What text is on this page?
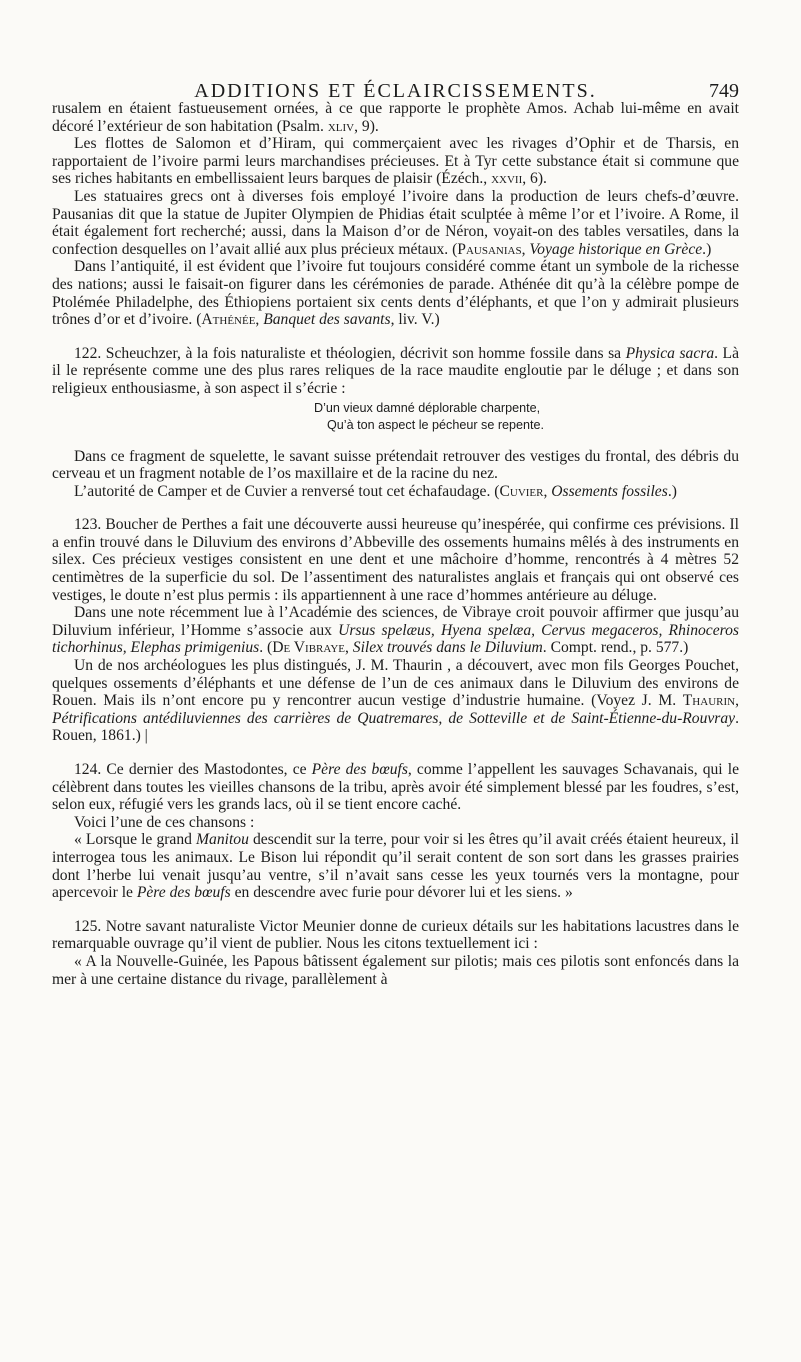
ADDITIONS ET ÉCLAIRCISSEMENTS.	749

rusalem en étaient fastueusement ornées, à ce que rapporte le prophète Amos. Achab lui-même en avait décoré l’extérieur de son habitation (Psalm. xliv, 9).

Les flottes de Salomon et d’Hiram, qui commerçaient avec les rivages d’Ophir et de Tharsis, en rapportaient de l’ivoire parmi leurs marchandises précieuses. Et à Tyr cette substance était si commune que ses riches habitants en embellissaient leurs barques de plaisir (Ézéch., xxvii, 6).

Les statuaires grecs ont à diverses fois employé l’ivoire dans la production de leurs chefs-d’œuvre. Pausanias dit que la statue de Jupiter Olympien de Phidias était sculptée à même l’or et l’ivoire. A Rome, il était également fort recherché; aussi, dans la Maison d’or de Néron, voyait-on des tables versatiles, dans la confection desquelles on l’avait allié aux plus précieux métaux. (Pausanias, Voyage historique en Grèce.)

Dans l’antiquité, il est évident que l’ivoire fut toujours considéré comme étant un symbole de la richesse des nations; aussi le faisait-on figurer dans les cérémonies de parade. Athénée dit qu’à la célèbre pompe de Ptolémée Philadelphe, des Éthiopiens portaient six cents dents d’éléphants, et que l’on y admirait plusieurs trônes d’or et d’ivoire. (Athénée, Banquet des savants, liv. V.)

122. Scheuchzer, à la fois naturaliste et théologien, décrivit son homme fossile dans sa Physica sacra. Là il le représente comme une des plus rares reliques de la race maudite engloutie par le déluge ; et dans son religieux enthousiasme, à son aspect il s’écrie :

D’un vieux damné déplorable charpente,
Qu’à ton aspect le pécheur se repente.

Dans ce fragment de squelette, le savant suisse prétendait retrouver des vestiges du frontal, des débris du cerveau et un fragment notable de l’os maxillaire et de la racine du nez.

L’autorité de Camper et de Cuvier a renversé tout cet échafaudage. (Cuvier, Ossements fossiles.)

123. Boucher de Perthes a fait une découverte aussi heureuse qu’inespérée, qui confirme ces prévisions. Il a enfin trouvé dans le Diluvium des environs d’Abbeville des ossements humains mêlés à des instruments en silex. Ces précieux vestiges consistent en une dent et une mâchoire d’homme, rencontrés à 4 mètres 52 centimètres de la superficie du sol. De l’assentiment des naturalistes anglais et français qui ont observé ces vestiges, le doute n’est plus permis : ils appartiennent à une race d’hommes antérieure au déluge.

Dans une note récemment lue à l’Académie des sciences, de Vibraye croit pouvoir affirmer que jusqu’au Diluvium inférieur, l’Homme s’associe aux Ursus spelæus, Hyena spelæa, Cervus megaceros, Rhinoceros tichorhinus, Elephas primigenius. (De Vibraye, Silex trouvés dans le Diluvium. Compt. rend., p. 577.)

Un de nos archéologues les plus distingués, J. M. Thaurin , a découvert, avec mon fils Georges Pouchet, quelques ossements d’éléphants et une défense de l’un de ces animaux dans le Diluvium des environs de Rouen. Mais ils n’ont encore pu y rencontrer aucun vestige d’industrie humaine. (Voyez J. M. Thaurin, Pétrifications antédiluviennes des carrières de Quatremares, de Sotteville et de Saint-Étienne-du-Rouvray. Rouen, 1861.) |

124. Ce dernier des Mastodontes, ce Père des bœufs, comme l’appellent les sauvages Schavanais, qui le célèbrent dans toutes les vieilles chansons de la tribu, après avoir été simplement blessé par les foudres, s’est, selon eux, réfugié vers les grands lacs, où il se tient encore caché.

Voici l’une de ces chansons :

« Lorsque le grand Manitou descendit sur la terre, pour voir si les êtres qu’il avait créés étaient heureux, il interrogea tous les animaux. Le Bison lui répondit qu’il serait content de son sort dans les grasses prairies dont l’herbe lui venait jusqu’au ventre, s’il n’avait sans cesse les yeux tournés vers la montagne, pour apercevoir le Père des bœufs en descendre avec furie pour dévorer lui et les siens. »

125. Notre savant naturaliste Victor Meunier donne de curieux détails sur les habitations lacustres dans le remarquable ouvrage qu’il vient de publier. Nous les citons textuellement ici :

« A la Nouvelle-Guinée, les Papous bâtissent également sur pilotis; mais ces pilotis sont enfoncés dans la mer à une certaine distance du rivage, parallèlement à
